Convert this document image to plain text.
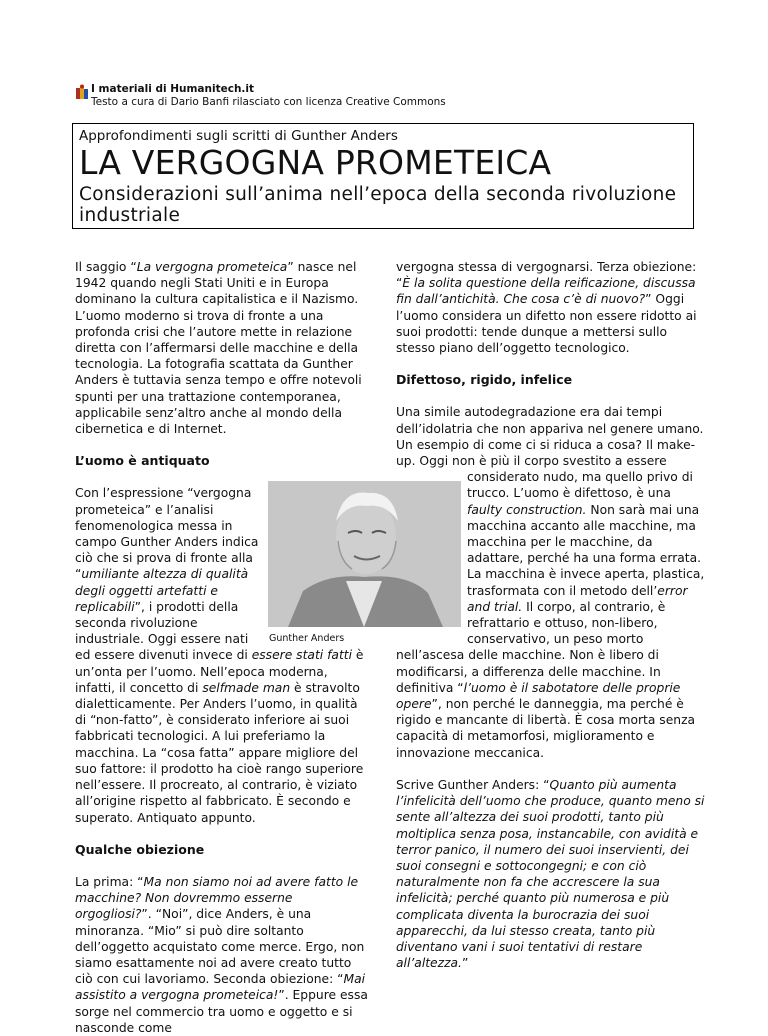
I materiali di Humanitech.it
Testo a cura di Dario Banfi rilasciato con licenza Creative Commons
Approfondimenti sugli scritti di Gunther Anders
LA VERGOGNA PROMETEICA
Considerazioni sull’anima nell’epoca della seconda rivoluzione industriale
Gunther Anders

Il saggio “La vergogna prometeica” nasce nel 1942 quando negli Stati Uniti e in Europa dominano la cultura capitalistica e il Nazismo. L’uomo moderno si trova di fronte a una profonda crisi che l’autore mette in relazione diretta con l’affermarsi delle macchine e della tecnologia. La fotografia scattata da Gunther Anders è tuttavia senza tempo e offre notevoli spunti per una trattazione contemporanea, applicabile senz’altro anche al mondo della cibernetica e di Internet.

L’uomo è antiquato
Con l’espressione “vergogna prometeica” e l’analisi fenomenologica messa in campo Gunther Anders indica ciò che si prova di fronte alla “umiliante altezza di qualità degli oggetti artefatti e replicabili”, i prodotti della seconda rivoluzione industriale. Oggi essere nati ed essere divenuti invece di essere stati fatti è un’onta per l’uomo. Nell’epoca moderna, infatti, il concetto di selfmade man è stravolto dialetticamente. Per Anders l’uomo, in qualità di “non-fatto”, è considerato inferiore ai suoi fabbricati tecnologici. A lui preferiamo la macchina. La “cosa fatta” appare migliore del suo fattore: il prodotto ha cioè rango superiore nell’essere. Il procreato, al contrario, è viziato all’origine rispetto al fabbricato. È secondo e superato. Antiquato appunto.
Qualche obiezione

La prima: “Ma non siamo noi ad avere fatto le macchine? Non dovremmo esserne orgogliosi?”. “Noi”, dice Anders, è una minoranza. “Mio” si può dire soltanto dell’oggetto acquistato come merce. Ergo, non siamo esattamente noi ad avere creato tutto ciò con cui lavoriamo. Seconda obiezione: “Mai assistito a vergogna prometeica!”. Eppure essa sorge nel commercio tra uomo e oggetto e si nasconde come

vergogna stessa di vergognarsi. Terza obiezione: “È la solita questione della reificazione, discussa fin dall’antichità. Che cosa c’è di nuovo?” Oggi l’uomo considera un difetto non essere ridotto ai suoi prodotti: tende dunque a mettersi sullo stesso piano dell’oggetto tecnologico.

Difettoso, rigido, infelice
Una simile autodegradazione era dai tempi dell’idolatria che non appariva nel genere umano. Un esempio di come ci si riduca a cosa? Il make-up. Oggi non è più il corpo svestito a essere considerato nudo, ma quello privo di trucco. L’uomo è difettoso, è una faulty construction. Non sarà mai una macchina accanto alle macchine, ma macchina per le macchine, da adattare, perché ha una forma errata. La macchina è invece aperta, plastica, trasformata con il metodo dell’error and trial. Il corpo, al contrario, è refrattario e ottuso, non-libero, conservativo, un peso morto nell’ascesa delle macchine. Non è libero di modificarsi, a differenza delle macchine. In definitiva “l’uomo è il sabotatore delle proprie opere”, non perché le danneggia, ma perché è rigido e mancante di libertà. È cosa morta senza capacità di metamorfosi, miglioramento e innovazione meccanica.

Scrive Gunther Anders: “Quanto più aumenta l’infelicità dell’uomo che produce, quanto meno si sente all’altezza dei suoi prodotti, tanto più moltiplica senza posa, instancabile, con avidità e terror panico, il numero dei suoi inservienti, dei suoi consegni e sottocongegni; e con ciò naturalmente non fa che accrescere la sua infelicità; perché quanto più numerosa e più complicata diventa la burocrazia dei suoi apparecchi, da lui stesso creata, tanto più diventano vani i suoi tentativi di restare all’altezza.”
